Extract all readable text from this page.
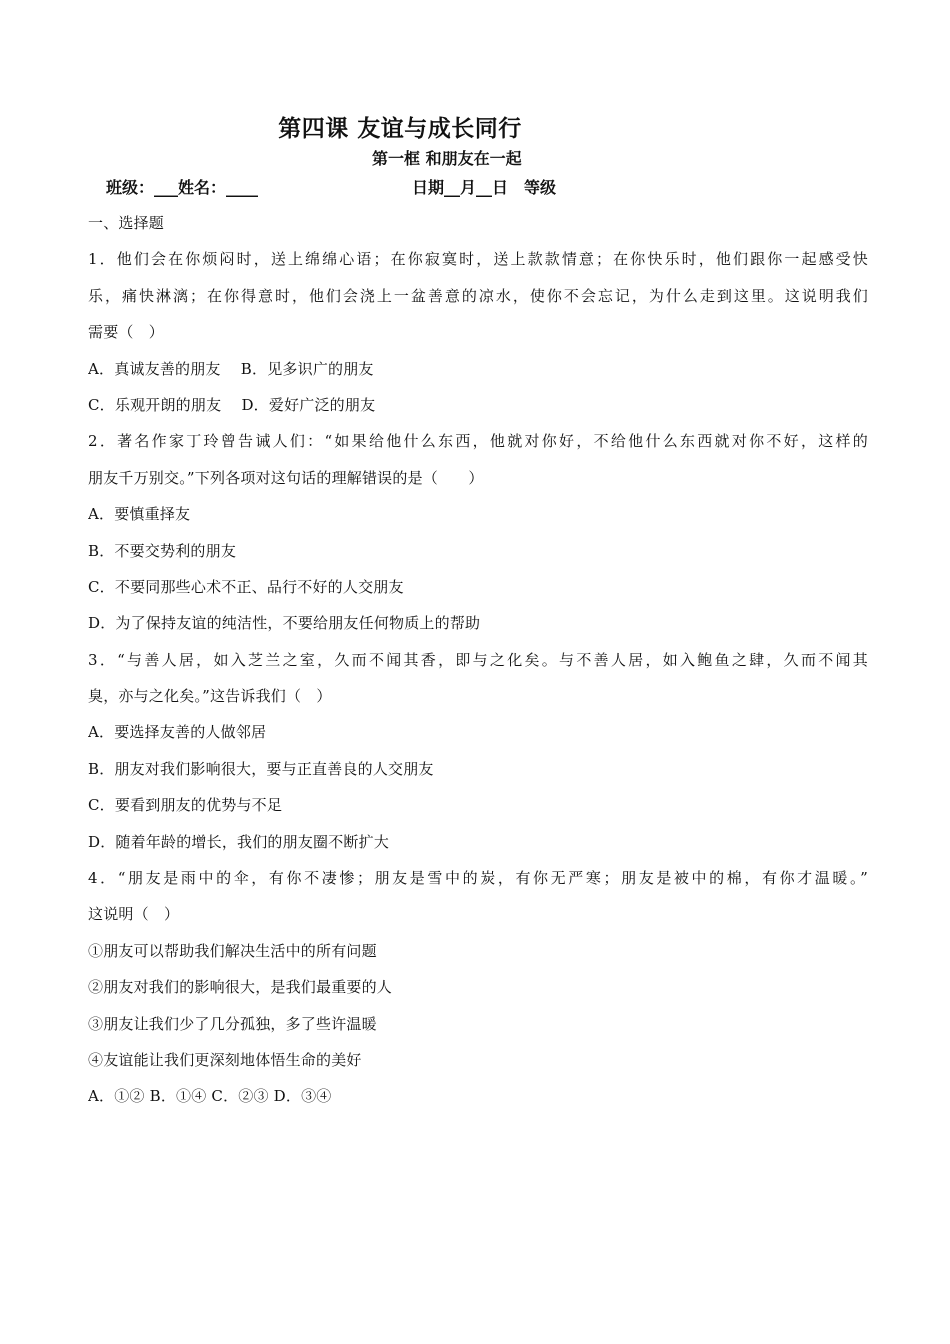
第四课 友谊与成长同行
第一框 和朋友在一起
班级：___姓名：____	日期__月__日　等级
一、选择题
1．他们会在你烦闷时，送上绵绵心语；在你寂寞时，送上款款情意；在你快乐时，他们跟你一起感受快
乐，痛快淋漓；在你得意时，他们会浇上一盆善意的凉水，使你不会忘记，为什么走到这里。这说明我们
需要（　）
A．真诚友善的朋友　 B．见多识广的朋友
C．乐观开朗的朋友　 D．爱好广泛的朋友
2．著名作家丁玲曾告诫人们：“如果给他什么东西，他就对你好，不给他什么东西就对你不好，这样的
朋友千万别交。”下列各项对这句话的理解错误的是（　　）
A．要慎重择友
B．不要交势利的朋友
C．不要同那些心术不正、品行不好的人交朋友
D．为了保持友谊的纯洁性，不要给朋友任何物质上的帮助
3．“与善人居，如入芝兰之室，久而不闻其香，即与之化矣。与不善人居，如入鲍鱼之肆，久而不闻其
臭，亦与之化矣。”这告诉我们（　）
A．要选择友善的人做邻居
B．朋友对我们影响很大，要与正直善良的人交朋友
C．要看到朋友的优势与不足
D．随着年龄的增长，我们的朋友圈不断扩大
4．“朋友是雨中的伞，有你不凄惨；朋友是雪中的炭，有你无严寒；朋友是被中的棉，有你才温暖。”
这说明（　）
①朋友可以帮助我们解决生活中的所有问题
②朋友对我们的影响很大，是我们最重要的人
③朋友让我们少了几分孤独，多了些许温暖
④友谊能让我们更深刻地体悟生命的美好
A．①② B．①④ C．②③ D．③④
